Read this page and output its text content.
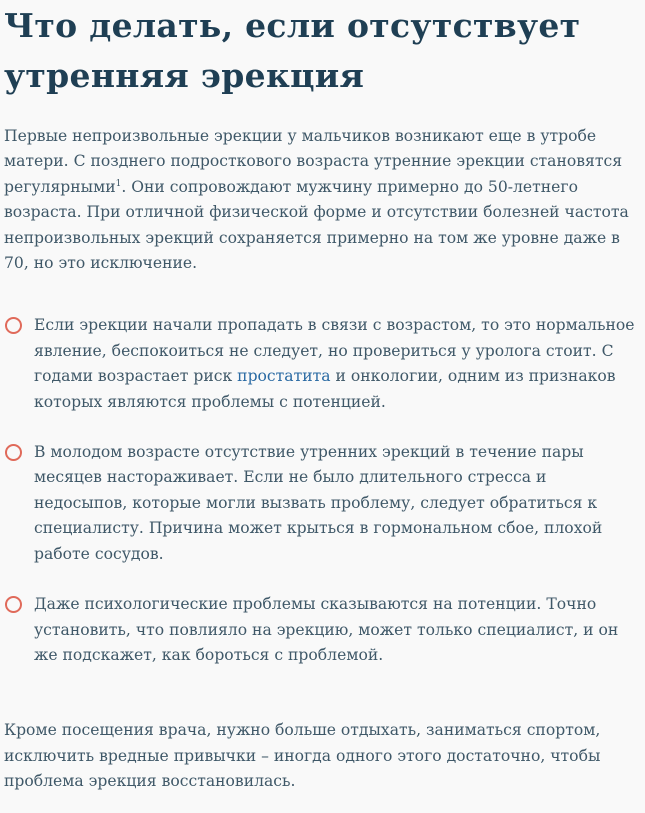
Что делать, если отсутствует
утренняя эрекция

Первые непроизвольные эрекции у мальчиков возникают еще в утробе матери. С позднего подросткового возраста утренние эрекции становятся регулярными$^1$. Они сопровождают мужчину примерно до 50-летнего возраста. При отличной физической форме и отсутствии болезней частота непроизвольных эрекций сохраняется примерно на том же уровне даже в 70, но это исключение.

Если эрекции начали пропадать в связи с возрастом, то это нормальное явление, беспокоиться не следует, но провериться у уролога стоит. С годами возрастает риск простатита и онкологии, одним из признаков которых являются проблемы с потенцией.
В молодом возрасте отсутствие утренних эрекций в течение пары месяцев настораживает. Если не было длительного стресса и недосыпов, которые могли вызвать проблему, следует обратиться к специалисту. Причина может крыться в гормональном сбое, плохой работе сосудов.
Даже психологические проблемы сказываются на потенции. Точно установить, что повлияло на эрекцию, может только специалист, и он же подскажет, как бороться с проблемой.

Кроме посещения врача, нужно больше отдыхать, заниматься спортом, исключить вредные привычки – иногда одного этого достаточно, чтобы проблема эрекция восстановилась.
